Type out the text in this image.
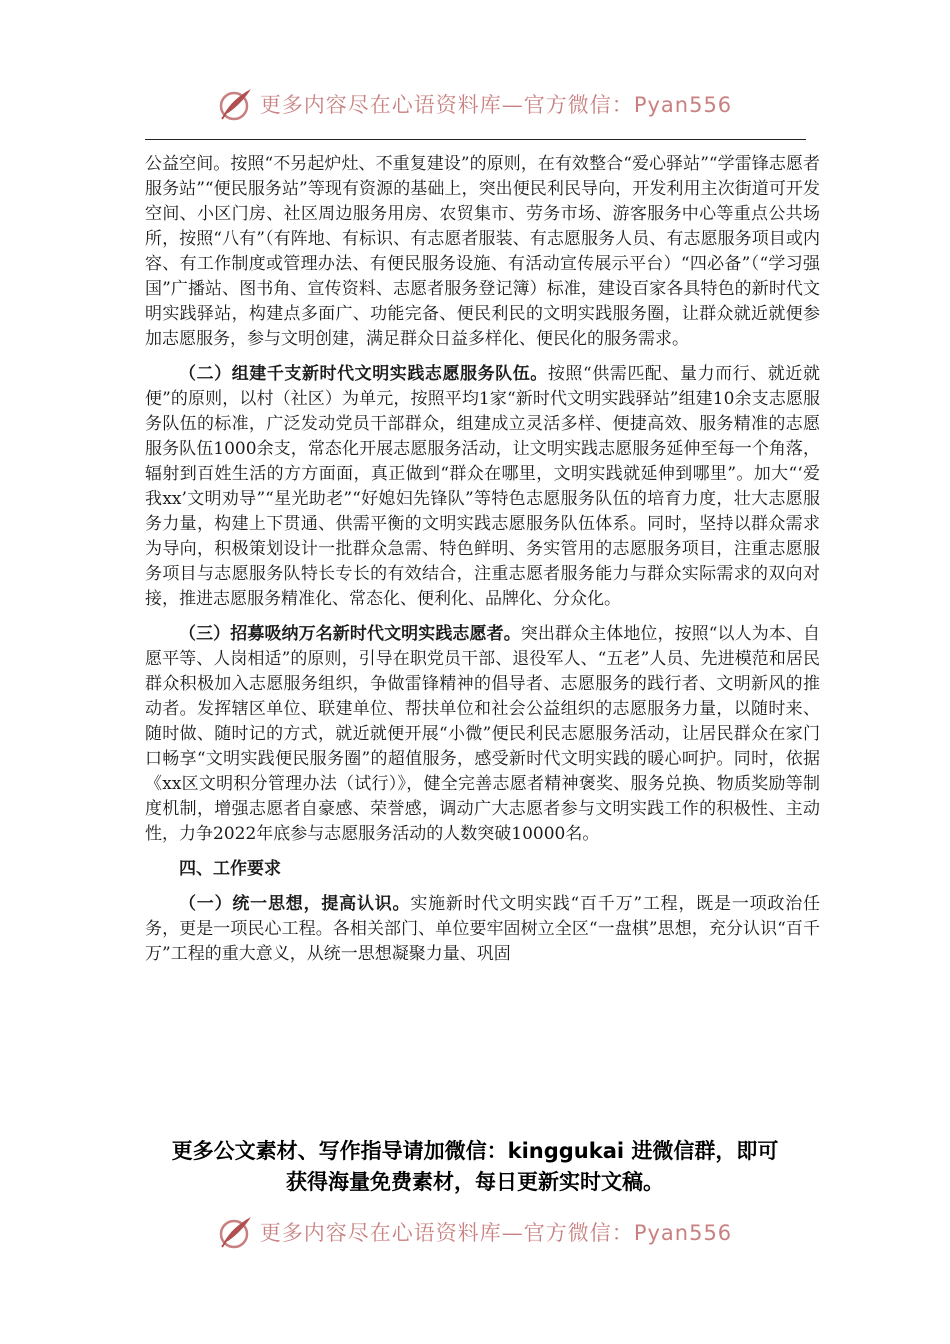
更多内容尽在心语资料库—官方微信：Pyan556

公益空间。按照“不另起炉灶、不重复建设”的原则，在有效整合“爱心驿站”“学雷锋志愿者服务站”“便民服务站”等现有资源的基础上，突出便民利民导向，开发利用主次街道可开发空间、小区门房、社区周边服务用房、农贸集市、劳务市场、游客服务中心等重点公共场所，按照“八有”（有阵地、有标识、有志愿者服装、有志愿服务人员、有志愿服务项目或内容、有工作制度或管理办法、有便民服务设施、有活动宣传展示平台）“四必备”（“学习强国”广播站、图书角、宣传资料、志愿者服务登记簿）标准，建设百家各具特色的新时代文明实践驿站，构建点多面广、功能完备、便民利民的文明实践服务圈，让群众就近就便参加志愿服务，参与文明创建，满足群众日益多样化、便民化的服务需求。

（二）组建千支新时代文明实践志愿服务队伍。按照“供需匹配、量力而行、就近就便”的原则，以村（社区）为单元，按照平均1家“新时代文明实践驿站”组建10余支志愿服务队伍的标准，广泛发动党员干部群众，组建成立灵活多样、便捷高效、服务精准的志愿服务队伍1000余支，常态化开展志愿服务活动，让文明实践志愿服务延伸至每一个角落，辐射到百姓生活的方方面面，真正做到“群众在哪里，文明实践就延伸到哪里”。加大“‘爱我xx’文明劝导”“星光助老”“好媳妇先锋队”等特色志愿服务队伍的培育力度，壮大志愿服务力量，构建上下贯通、供需平衡的文明实践志愿服务队伍体系。同时，坚持以群众需求为导向，积极策划设计一批群众急需、特色鲜明、务实管用的志愿服务项目，注重志愿服务项目与志愿服务队特长专长的有效结合，注重志愿者服务能力与群众实际需求的双向对接，推进志愿服务精准化、常态化、便利化、品牌化、分众化。

（三）招募吸纳万名新时代文明实践志愿者。突出群众主体地位，按照“以人为本、自愿平等、人岗相适”的原则，引导在职党员干部、退役军人、“五老”人员、先进模范和居民群众积极加入志愿服务组织，争做雷锋精神的倡导者、志愿服务的践行者、文明新风的推动者。发挥辖区单位、联建单位、帮扶单位和社会公益组织的志愿服务力量，以随时来、随时做、随时记的方式，就近就便开展“小微”便民利民志愿服务活动，让居民群众在家门口畅享“文明实践便民服务圈”的超值服务，感受新时代文明实践的暖心呵护。同时，依据《xx区文明积分管理办法（试行）》，健全完善志愿者精神褒奖、服务兑换、物质奖励等制度机制，增强志愿者自豪感、荣誉感，调动广大志愿者参与文明实践工作的积极性、主动性，力争2022年底参与志愿服务活动的人数突破10000名。

四、工作要求

（一）统一思想，提高认识。实施新时代文明实践“百千万”工程，既是一项政治任务，更是一项民心工程。各相关部门、单位要牢固树立全区“一盘棋”思想，充分认识“百千万”工程的重大意义，从统一思想凝聚力量、巩固

更多公文素材、写作指导请加微信：kinggukai 进微信群，即可
获得海量免费素材，每日更新实时文稿。
更多内容尽在心语资料库—官方微信：Pyan556
